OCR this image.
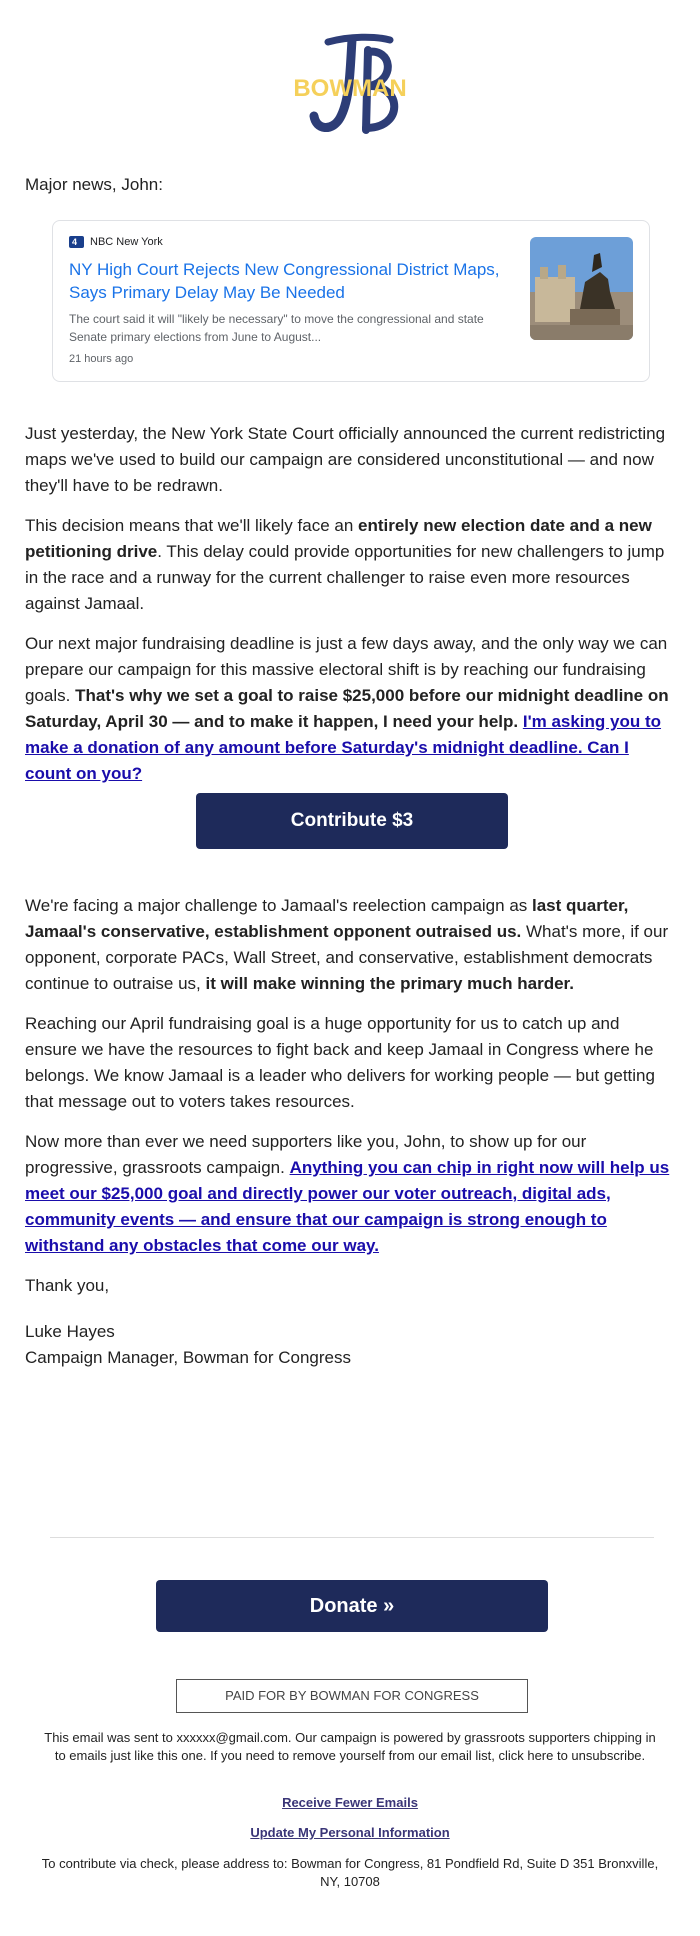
BOWMAN
Major news, John:
4 NBC New York
NY High Court Rejects New Congressional District Maps, Says Primary Delay May Be Needed
The court said it will "likely be necessary" to move the congressional and state Senate primary elections from June to August...
21 hours ago

Just yesterday, the New York State Court officially announced the current redistricting maps we've used to build our campaign are considered unconstitutional — and now they'll have to be redrawn.

This decision means that we'll likely face an entirely new election date and a new petitioning drive. This delay could provide opportunities for new challengers to jump in the race and a runway for the current challenger to raise even more resources against Jamaal.

Our next major fundraising deadline is just a few days away, and the only way we can prepare our campaign for this massive electoral shift is by reaching our fundraising goals. That's why we set a goal to raise $25,000 before our midnight deadline on Saturday, April 30 — and to make it happen, I need your help. I'm asking you to make a donation of any amount before Saturday's midnight deadline. Can I count on you?

Contribute $3

We're facing a major challenge to Jamaal's reelection campaign as last quarter, Jamaal's conservative, establishment opponent outraised us. What's more, if our opponent, corporate PACs, Wall Street, and conservative, establishment democrats continue to outraise us, it will make winning the primary much harder.

Reaching our April fundraising goal is a huge opportunity for us to catch up and ensure we have the resources to fight back and keep Jamaal in Congress where he belongs. We know Jamaal is a leader who delivers for working people — but getting that message out to voters takes resources.

Now more than ever we need supporters like you, John, to show up for our progressive, grassroots campaign. Anything you can chip in right now will help us meet our $25,000 goal and directly power our voter outreach, digital ads, community events — and ensure that our campaign is strong enough to withstand any obstacles that come our way.

Thank you,

Luke Hayes

Campaign Manager, Bowman for Congress

Donate »
PAID FOR BY BOWMAN FOR CONGRESS
This email was sent to xxxxxx@gmail.com. Our campaign is powered by grassroots supporters chipping in to emails just like this one. If you need to remove yourself from our email list, click here to unsubscribe.
Receive Fewer Emails
Update My Personal Information
To contribute via check, please address to: Bowman for Congress, 81 Pondfield Rd, Suite D 351 Bronxville, NY, 10708
